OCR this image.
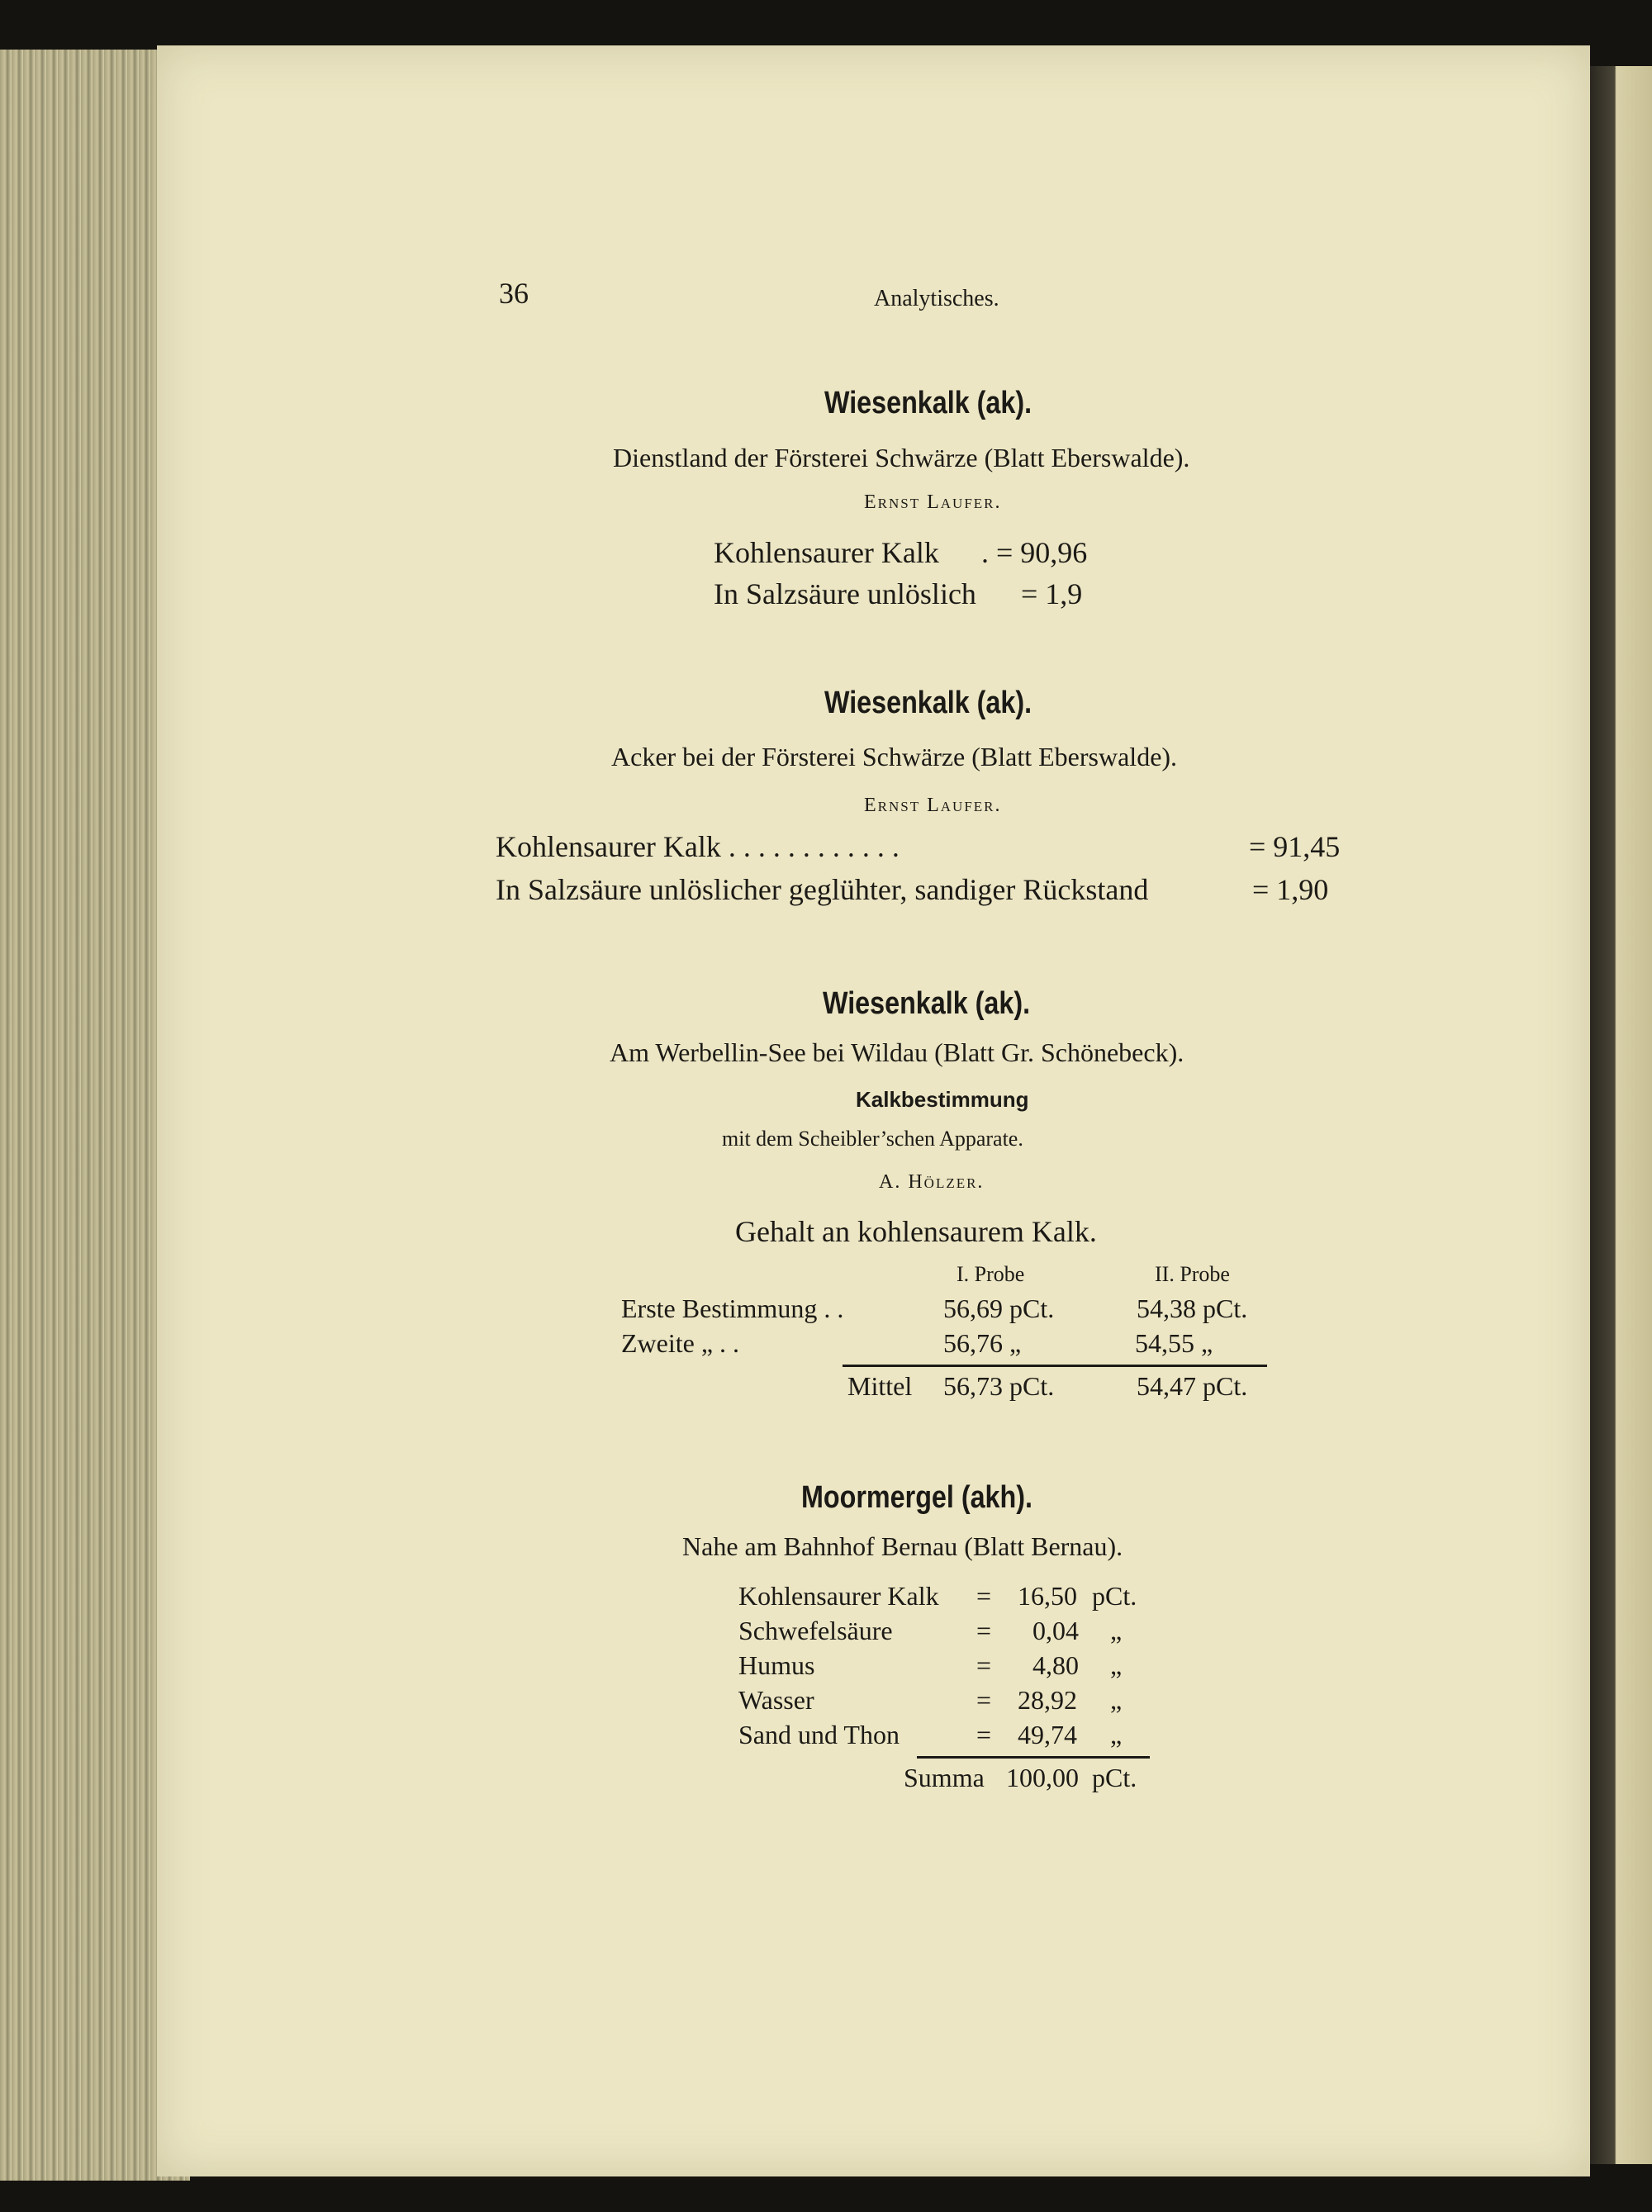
36	Analytisches.
Wiesenkalk (ak).
Dienstland der Försterei Schwärze (Blatt Eberswalde).
Ernst Laufer.
Kohlensaurer Kalk . = 90,96
In Salzsäure unlöslich = 1,9
Wiesenkalk (ak).
Acker bei der Försterei Schwärze (Blatt Eberswalde).
Ernst Laufer.
Kohlensaurer Kalk . . . . . . . . . . . .	= 91,45
In Salzsäure unlöslicher geglühter, sandiger Rückstand	= 1,90
Wiesenkalk (ak).
Am Werbellin-See bei Wildau (Blatt Gr. Schönebeck).
Kalkbestimmung
mit dem Scheibler’schen Apparate.
A. Hölzer.
Gehalt an kohlensaurem Kalk.
I. Probe	II. Probe
Erste Bestimmung . .	56,69 pCt.	54,38 pCt.
Zweite „ . .	56,76 „	54,55 „
Mittel 56,73 pCt.	54,47 pCt.
Moormergel (akh).
Nahe am Bahnhof Bernau (Blatt Bernau).
Kohlensaurer Kalk = 16,50 pCt.
Schwefelsäure	= 0,04 „
Humus	= 4,80 „
Wasser	= 28,92 „
Sand und Thon	= 49,74 „
Summa 100,00 pCt.
